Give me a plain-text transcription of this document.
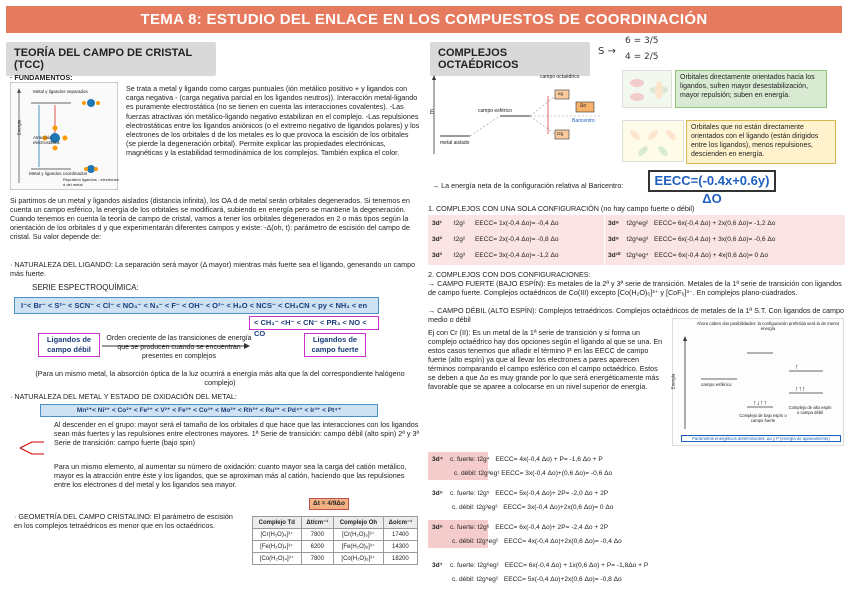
TEMA 8: ESTUDIO DEL ENLACE EN LOS COMPUESTOS DE COORDINACIÓN
TEORÍA DEL CAMPO DE CRISTAL (TCC)
· FUNDAMENTOS:
Metal y ligandos separados
Atracción electrostática
Repulsión ligandos - electrones d del metal
Metal y ligandos coordinados
Energía
Se trata a metal y ligando como cargas puntuales (ión metálico positivo + y ligandos con carga negativa - (carga negativa parcial en los ligandos neutros)). Interacción metal-ligando es puramente electrostática (no se tienen en cuenta las interacciones covalentes). -Las fuerzas atractivas ión metálico-ligando negativo estabilizan en el complejo. -Las repulsiones electrostáticas entre los ligandos aniónicos (o el extremo negativo de ligandos polares) y los electrones de los orbitales d de los metales es lo que provoca la escisión de los orbitales (se pierde la degeneración orbital). Permite explicar las propiedades electrónicas, magnéticas y la estabilidad termodinámica de los complejos. También explica el color.
Si partimos de un metal y ligandos aislados (distancia infinita), los OA d de metal serán orbitales degenerados. Si tenemos en cuenta un campo esférico, la energía de los orbitales se modificará, subiendo en energía pero se mantiene la degeneración. Cuando tenemos en cuenta la teoría de campo de cristal, vamos a tener los orbitales degenerados en 2 o más tipos según la orientación de los orbitales d y que experimentarán diferentes campos y existe: -Δ(oh, t): parámetro de escisión del campo de cristal. Su valor depende de:
· NATURALEZA DEL LIGANDO: La separación será mayor (Δ mayor) mientras más fuerte sea el ligando, generando un campo más fuerte.
SERIE ESPECTROQUÍMICA:
I⁻< Br⁻ < S²⁻ < SCN⁻ < Cl⁻ < NO₃⁻ < N₃⁻ < F⁻ < OH⁻ < O²⁻ < H₂O < NCS⁻ < CH₃CN < py < NH₃ < en
< CH₃⁻ <H⁻ < CN⁻ < PR₃ < NO < CO
Ligandos de campo débil
Orden creciente de las transiciones de energía que se producen cuando se encuentran presentes en complejos
Ligandos de campo fuerte
(Para un mismo metal, la absorción óptica de la luz ocurrirá a energía más alta que la del correspondiente halógeno complejo)
· NATURALEZA DEL METAL Y ESTADO DE OXIDACIÓN DEL METAL:
Mn²⁺< Ni²⁺ < Co²⁺ < Fe²⁺ < V²⁺ < Fe³⁺ < Co³⁺ < Mo³⁺ < Rh³⁺ < Ru³⁺ < Pd⁴⁺ < Ir³⁺ < Pt⁴⁺
Al descender en el grupo: mayor será el tamaño de los orbitales d que hace que las interacciones con los ligandos sean más fuertes y las repulsiones entre electrones mayores. 1ª Serie de transición: campo débil (alto spin) 2ª y 3ª Serie de transición: campo fuerte (bajo spin)
Para un mismo elemento, al aumentar su número de oxidación: cuanto mayor sea la carga del catión metálico, mayor es la atracción entre éste y los ligandos, que se aproximan más al catión, haciendo que las repulsiones entre los electrones d del metal y los ligandos sea mayor.
· GEOMETRÍA DEL CAMPO CRISTALINO: El parámetro de escisión en los complejos tetraédricos es menor que en los octaédricos.
Δt = 4/9Δo
Complejo Td	Δt/cm⁻¹	Complejo Oh	Δo/cm⁻¹
[Cr(H₂O)₄]³⁺	7800	[Cr(H₂O)₆]³⁺	17400
[Fe(H₂O)₄]³⁺	6200	[Fe(H₂O)₆]³⁺	14300
[Co(H₂O)₄]³⁺	7800	[Co(H₂O)₆]³⁺	18200
COMPLEJOS OCTAÉDRICOS
S →
6 = 3/5
4 = 2/5
campo octaédrico
campo esférico
metal aislado
Baricentro
eg
t2g
Δo
E
Orbitales directamente orientados hacia los ligandos, sufren mayor desestabilización, mayor repulsión; suben en energía.
Orbitales que no están directamente orientados con el ligando (están dirigidos entre los ligandos), menos repulsiones, descienden en energía.
→ La energía neta de la configuración relativa al Baricentro:	EECC=(-0.4x+0.6y) ΔO
1. COMPLEJOS CON UNA SOLA CONFIGURACIÓN (no hay campo fuerte o débil)
3d¹ t2g¹ EECC= 1x(-0,4 Δo)= -0,4 Δo
3d² t2g² EECC= 2x(-0,4 Δo)= -0,8 Δo
3d³ t2g³ EECC= 3x(-0,4 Δo)= -1,2 Δo
3d⁸ t2g⁶eg² EECC= 6x(-0,4 Δo) + 2x(0,6 Δo)= -1,2 Δo
3d⁹ t2g⁶eg³ EECC= 6x(-0,4 Δo) + 3x(0,6 Δo)= -0,6 Δo
3d¹⁰ t2g⁶eg⁴ EECC= 6x(-0,4 Δo) + 4x(0,6 Δo)= 0 Δo
2. COMPLEJOS CON DOS CONFIGURACIONES:
→ CAMPO FUERTE (BAJO ESPÍN): Es metales de la 2ª y 3ª serie de transición. Metales de la 1ª serie de transición con ligandos de campo fuerte. Complejos octaédricos de Co(III) excepto [Co(H₂O)₆]³⁺ y [CoF₆]³⁻. En complejos plano-cuadrados.
→ CAMPO DÉBIL (ALTO ESPÍN): Complejos tetraédricos. Complejos octaédricos de metales de la 1ª S.T. Con ligandos de campo medio o débil
Ej con Cr (II): Es un metal de la 1ª serie de transición y si forma un complejo octaédrico hay dos opciones según el ligando al que se una. En estos casos tenemos que añadir el término P en las EECC de campo fuerte (alto espín) ya que al llevar los electrones a pares aparecen términos comparando el campo esférico con el campo octaédrico. Estos se deben a que Δo es muy grande por lo que será energéticamente más favorable que se aparee a colocarse en un nivel superior de energía.
↑↓↑↑
↑
↑↑↑
Ahora caben dos posibilidades: la configuración preferida será la de menor energía
Energía	campo esférico
Complejo de bajo espín o campo fuerte
Complejo de alto espín o campo débil
Parámetros energéticos determinantes: Δo y P (energía de apareamiento)
3d⁴ c. fuerte: t2g⁴ EECC= 4x(-0,4 Δo) + P= -1,6 Δo + P
c. débil: t2g³eg¹ EECC= 3x(-0,4 Δo)+(0,6 Δo)= -0,6 Δo
3d⁵ c. fuerte: t2g⁵ EECC= 5x(-0,4 Δo)+ 2P= -2,0 Δo + 2P
c. débil: t2g³eg² EECC= 3x(-0,4 Δo)+2x(0,6 Δo)= 0 Δo
3d⁶ c. fuerte: t2g⁶ EECC= 6x(-0,4 Δo)+ 2P= -2,4 Δo + 2P
c. débil: t2g⁴eg² EECC= 4x(-0,4 Δo)+2x(0,6 Δo)= -0,4 Δo
3d⁷ c. fuerte: t2g⁶eg¹ EECC= 6x(-0,4 Δo) + 1x(0,6 Δo) + P= -1,8Δo + P
c. débil: t2g⁵eg² EECC= 5x(-0,4 Δo)+2x(0,6 Δo)= -0,8 Δo
